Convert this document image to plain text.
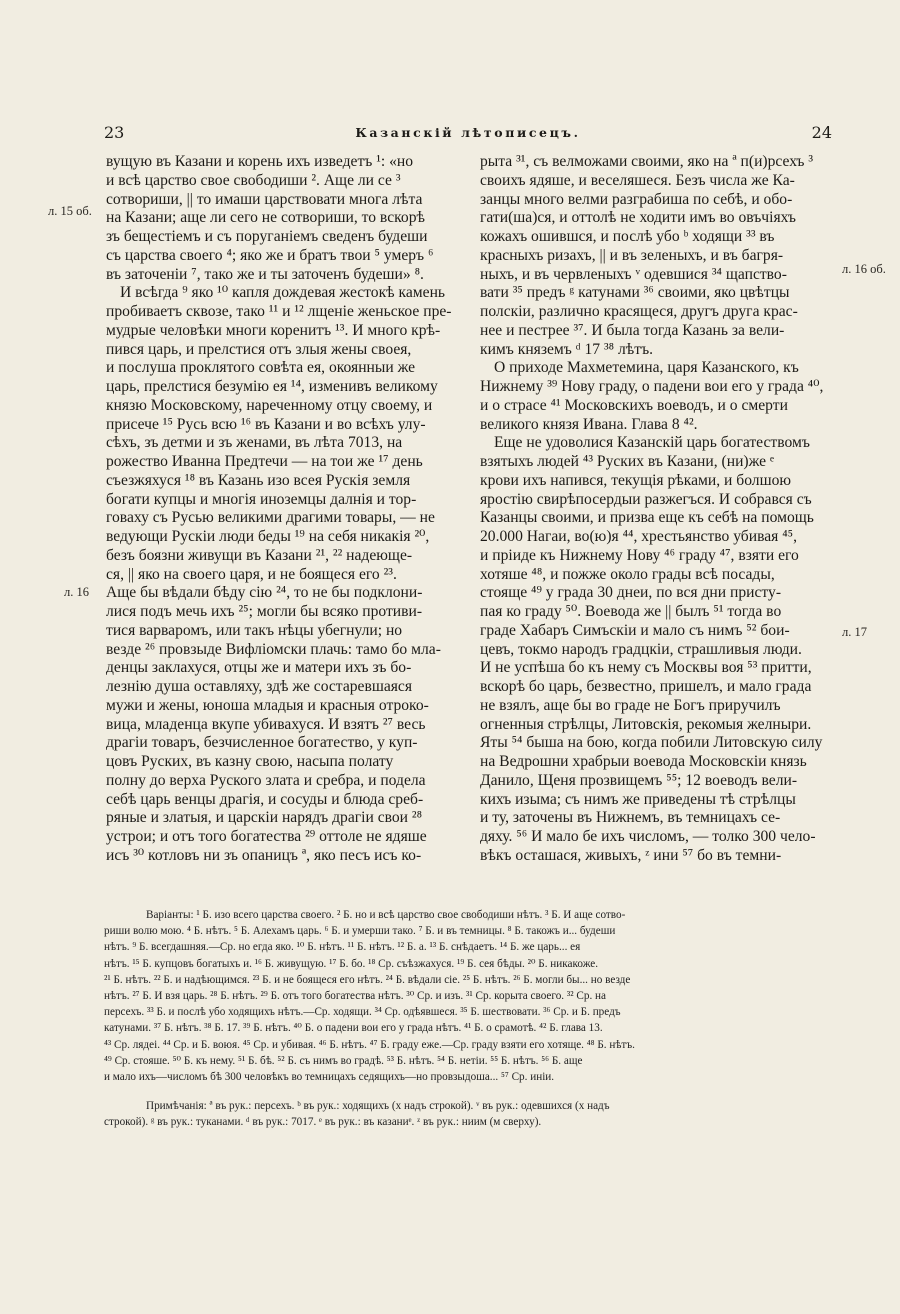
23	Казанскій лѣтописецъ.	24
л. 15 об.
л. 16
л. 16 об.
л. 17
вущую въ Казани и корень ихъ изведетъ ¹: «но
и всѣ царство свое свободиши ². Аще ли се ³
сотвориши, || то имаши царствовати многа лѣта
на Казани; аще ли сего не сотвориши, то вскорѣ
зъ бещестіемъ и съ поруганіемъ сведенъ будеши
съ царства своего ⁴; яко же и братъ твои ⁵ умеръ ⁶
въ заточеніи ⁷, тако же и ты заточенъ будеши» ⁸.
И всѣгда ⁹ яко ¹⁰ капля дождевая жестокѣ камень
пробиваетъ сквозе, тако ¹¹ и ¹² лщеніе женьское пре-
мудрые человѣки многи коренитъ ¹³. И много крѣ-
пився царь, и прелстися отъ злыя жены своея,
и послуша проклятого совѣта ея, окоянныи же
царь, прелстися безумію ея ¹⁴, изменивъ великому
князю Московскому, нареченному отцу своему, и
присече ¹⁵ Русь всю ¹⁶ въ Казани и во всѣхъ улу-
сѣхъ, зъ детми и зъ женами, въ лѣта 7013, на
рожество Иванна Предтечи — на тои же ¹⁷ день
съезжяхуся ¹⁸ въ Казань изо всея Рускія земля
богати купцы и многія иноземцы далнія и тор-
говаху съ Русью великими драгими товары, — не
ведующи Рускіи люди беды ¹⁹ на себя никакія ²⁰,
безъ боязни живущи въ Казани ²¹, ²² надеюще-
ся, || яко на своего царя, и не боящеся его ²³.
Аще бы вѣдали бѣду сію ²⁴, то не бы подклони-
лися подъ мечь ихъ ²⁵; могли бы всяко противи-
тися варваромъ, или такъ нѣцы убегнули; но
везде ²⁶ провзыде Вифліомски плачь: тамо бо мла-
денцы заклахуся, отцы же и матери ихъ зъ бо-
лезнію душа оставляху, здѣ же состаревшаяся
мужи и жены, юноша младыя и красныя отроко-
вица, младенца вкупе убивахуся. И взятъ ²⁷ весь
драгіи товаръ, безчисленное богатество, у куп-
цовъ Руских, въ казну свою, насыпа полату
полну до верха Руского злата и сребра, и подела
себѣ царь венцы драгія, и сосуды и блюда среб-
ряные и златыя, и царскіи нарядъ драгіи свои ²⁸
устрои; и отъ того богатества ²⁹ оттоле не ядяше
исъ ³⁰ котловъ ни зъ опаницъ ª, яко песъ исъ ко-
рыта ³¹, съ велможами своими, яко на ª п(и)рсехъ ³
своихъ ядяше, и веселяшеся. Безъ числа же Ка-
занцы много велми разграбиша по себѣ, и обо-
гати(ша)ся, и оттолѣ не ходити имъ во овъчіяхъ
кожахъ ошившся, и послѣ убо ᵇ ходящи ³³ въ
красныхъ ризахъ, || и въ зеленыхъ, и въ багря-
ныхъ, и въ червленыхъ ᵛ одевшися ³⁴ щапство-
вати ³⁵ предъ ᵍ катунами ³⁶ своими, яко цвѣтцы
полскіи, различно красящеся, другъ друга крас-
нее и пестрее ³⁷. И была тогда Казань за вели-
кимъ княземъ ᵈ 17 ³⁸ лѣтъ.
О приходе Махметемина, царя Казанского, къ
Нижнему ³⁹ Нову граду, о падени вои его у града ⁴⁰,
и о страсе ⁴¹ Московскихъ воеводъ, и о смерти
великого князя Ивана. Глава 8 ⁴².
Еще не удоволися Казанскій царь богатествомъ
взятыхъ людей ⁴³ Руских въ Казани, (ни)же ᵉ
крови ихъ напився, текущія рѣками, и болшою
яростію свирѣпосердыи разжегъся. И собрався съ
Казанцы своими, и призва еще къ себѣ на помощь
20.000 Нагаи, во(ю)я ⁴⁴, хрестьянство убивая ⁴⁵,
и пріиде къ Нижнему Нову ⁴⁶ граду ⁴⁷, взяти его
хотяше ⁴⁸, и пожже около грады всѣ посады,
стояще ⁴⁹ у града 30 днеи, по вся дни присту-
пая ко граду ⁵⁰. Воевода же || былъ ⁵¹ тогда во
граде Хабаръ Симъскіи и мало съ нимъ ⁵² бои-
цевъ, токмо народъ градцкіи, страшливыя люди.
И не успѣша бо къ нему съ Москвы воя ⁵³ притти,
вскорѣ бо царь, безвестно, пришелъ, и мало града
не взялъ, аще бы во граде не Богъ приручилъ
огненныя стрѣлцы, Литовскія, рекомыя желныри.
Яты ⁵⁴ быша на бою, когда побили Литовскую силу
на Ведрошни храбрыи воевода Московскіи князь
Данило, Щеня прозвищемъ ⁵⁵; 12 воеводъ вели-
кихъ изыма; съ нимъ же приведены тѣ стрѣлцы
и ту, заточены въ Нижнемъ, въ темницахъ се-
дяху. ⁵⁶ И мало бе ихъ числомъ, — толко 300 чело-
вѣкъ осташася, живыхъ, ᶻ ини ⁵⁷ бо въ темни-
Варіанты: ¹ Б. изо всего царства своего. ² Б. но и всѣ царство свое свободиши нѣтъ. ³ Б. И аще сотво-
риши волю мою. ⁴ Б. нѣтъ. ⁵ Б. Алехамъ царь. ⁶ Б. и умерши тако. ⁷ Б. и въ темницы. ⁸ Б. такожъ и... будеши
нѣтъ. ⁹ Б. всегдашняя.—Ср. но егда яко. ¹⁰ Б. нѣтъ. ¹¹ Б. нѣтъ. ¹² Б. а. ¹³ Б. снѣдаетъ. ¹⁴ Б. же царь... ея
нѣтъ. ¹⁵ Б. купцовъ богатыхъ и. ¹⁶ Б. живущую. ¹⁷ Б. бо. ¹⁸ Ср. съѣзжахуся. ¹⁹ Б. сея бѣды. ²⁰ Б. никакоже.
²¹ Б. нѣтъ. ²² Б. и надѣющимся. ²³ Б. и не боящеся его нѣтъ. ²⁴ Б. вѣдали сіе. ²⁵ Б. нѣтъ. ²⁶ Б. могли бы... но везде
нѣтъ. ²⁷ Б. И взя царь. ²⁸ Б. нѣтъ. ²⁹ Б. отъ того богатества нѣтъ. ³⁰ Ср. и изъ. ³¹ Ср. корыта своего. ³² Ср. на
персехъ. ³³ Б. и послѣ убо ходящихъ нѣтъ.—Ср. ходящи. ³⁴ Ср. одѣявшеся. ³⁵ Б. шествовати. ³⁶ Ср. и Б. предъ
катунами. ³⁷ Б. нѣтъ. ³⁸ Б. 17. ³⁹ Б. нѣтъ. ⁴⁰ Б. о падени вои его у града нѣтъ. ⁴¹ Б. о срамотѣ. ⁴² Б. глава 13.
⁴³ Ср. лядеі. ⁴⁴ Ср. и Б. воюя. ⁴⁵ Ср. и убивая. ⁴⁶ Б. нѣтъ. ⁴⁷ Б. граду еже.—Ср. граду взяти его хотяще. ⁴⁸ Б. нѣтъ.
⁴⁹ Ср. стояше. ⁵⁰ Б. къ нему. ⁵¹ Б. бѣ. ⁵² Б. съ нимъ во градѣ. ⁵³ Б. нѣтъ. ⁵⁴ Б. нетіи. ⁵⁵ Б. нѣтъ. ⁵⁶ Б. аще
и мало ихъ—числомъ бѣ 300 человѣкъ во темницахъ седящихъ—но провзыдоша... ⁵⁷ Ср. иніи.
Примѣчанія: ª въ рук.: персехъ. ᵇ въ рук.: ходящихъ (х надъ строкой). ᵛ въ рук.: одевшихся (х надъ
строкой). ᵍ въ рук.: туканами. ᵈ въ рук.: 7017. ᵉ въ рук.: въ казаниᵉ. ᶻ въ рук.: ниим (м сверху).
